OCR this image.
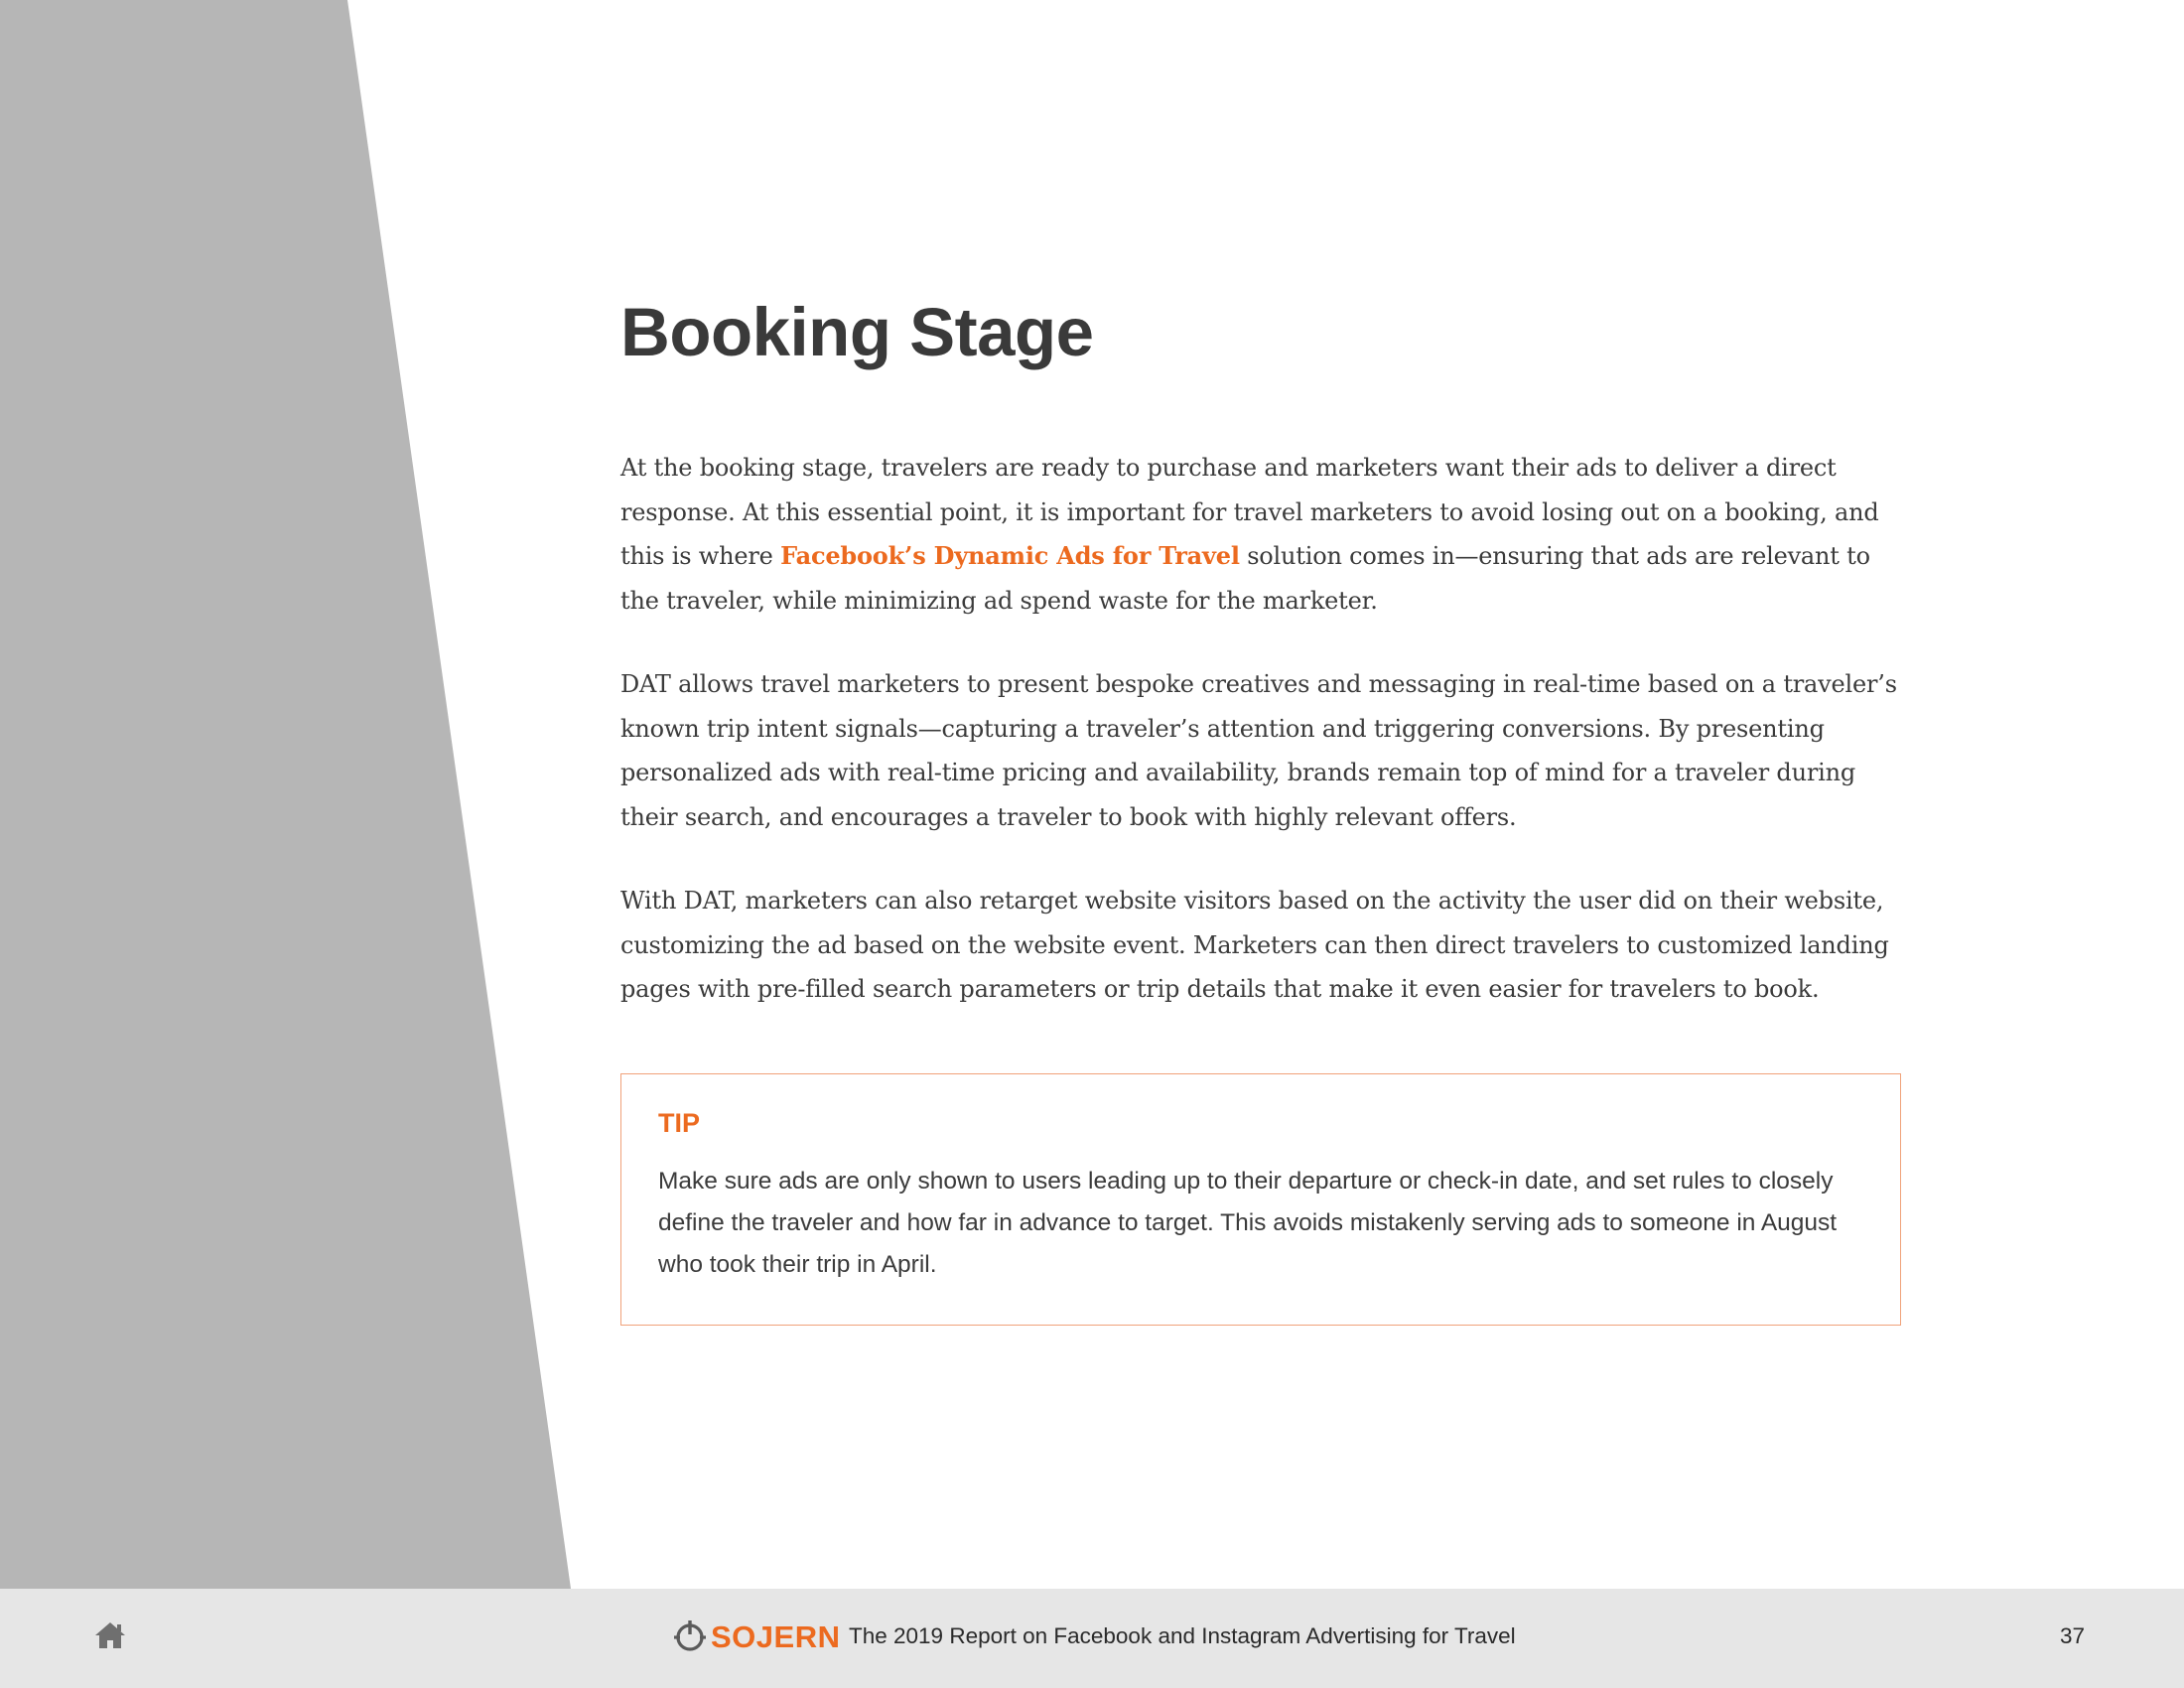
Booking Stage

At the booking stage, travelers are ready to purchase and marketers want their ads to deliver a direct response. At this essential point, it is important for travel marketers to avoid losing out on a booking, and this is where Facebook’s Dynamic Ads for Travel solution comes in—ensuring that ads are relevant to the traveler, while minimizing ad spend waste for the marketer.

DAT allows travel marketers to present bespoke creatives and messaging in real-time based on a traveler’s known trip intent signals—capturing a traveler’s attention and triggering conversions. By presenting personalized ads with real-time pricing and availability, brands remain top of mind for a traveler during their search, and encourages a traveler to book with highly relevant offers.

With DAT, marketers can also retarget website visitors based on the activity the user did on their website, customizing the ad based on the website event. Marketers can then direct travelers to customized landing pages with pre-filled search parameters or trip details that make it even easier for travelers to book.

TIP

Make sure ads are only shown to users leading up to their departure or check-in date, and set rules to closely define the traveler and how far in advance to target. This avoids mistakenly serving ads to someone in August who took their trip in April.

SOJERN The 2019 Report on Facebook and Instagram Advertising for Travel	37
